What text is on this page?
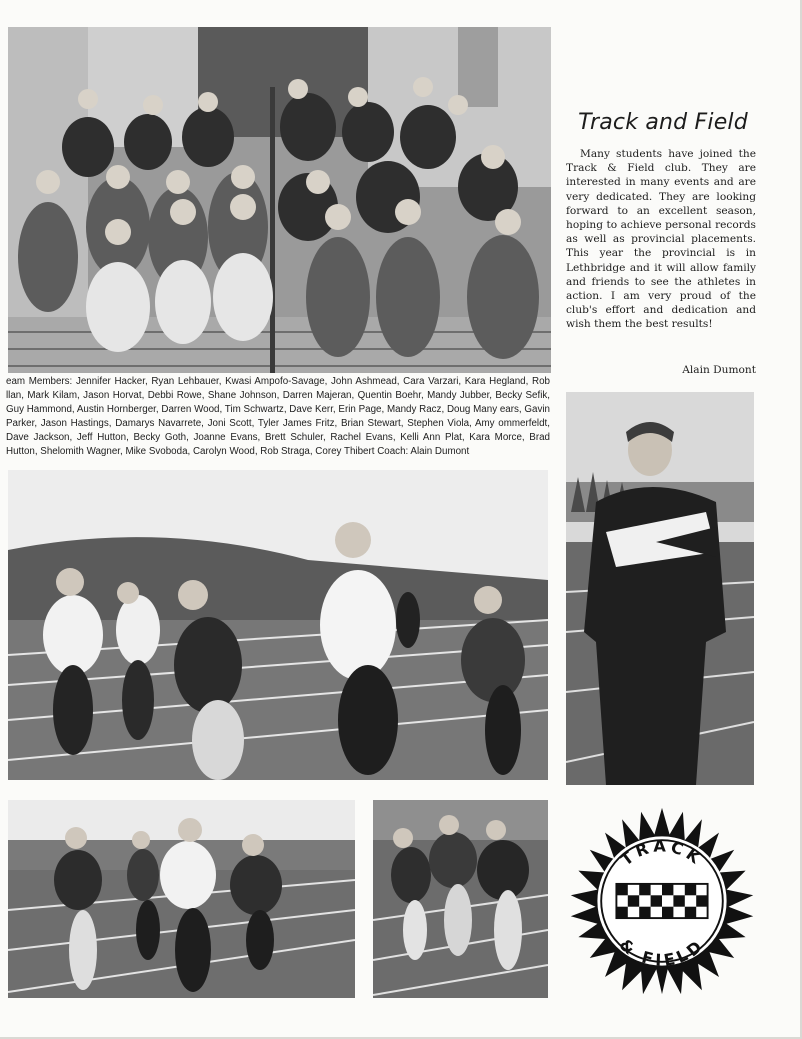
Track and Field

Many students have joined the Track & Field club. They are interested in many events and are very dedicated. They are looking forward to an excellent season, hoping to achieve personal records as well as provincial placements. This year the provincial is in Lethbridge and it will allow family and friends to see the athletes in action. I am very proud of the club's effort and dedication and wish them the best results!

Alain Dumont

eam Members: Jennifer Hacker, Ryan Lehbauer, Kwasi Ampofo-Savage, John Ashmead, Cara Varzari, Kara Hegland, Rob llan, Mark Kilam, Jason Horvat, Debbi Rowe, Shane Johnson, Darren Majeran, Quentin Boehr, Mandy Jubber, Becky Sefik, Guy Hammond, Austin Hornberger, Darren Wood, Tim Schwartz, Dave Kerr, Erin Page, Mandy Racz, Doug Many ears, Gavin Parker, Jason Hastings, Damarys Navarrete, Joni Scott, Tyler James Fritz, Brian Stewart, Stephen Viola, Amy ommerfeldt, Dave Jackson, Jeff Hutton, Becky Goth, Joanne Evans, Brett Schuler, Rachel Evans, Kelli Ann Plat, Kara Morce, Brad Hutton, Shelomith Wagner, Mike Svoboda, Carolyn Wood, Rob Straga, Corey Thibert Coach: Alain Dumont

TRACK
& FIELD
